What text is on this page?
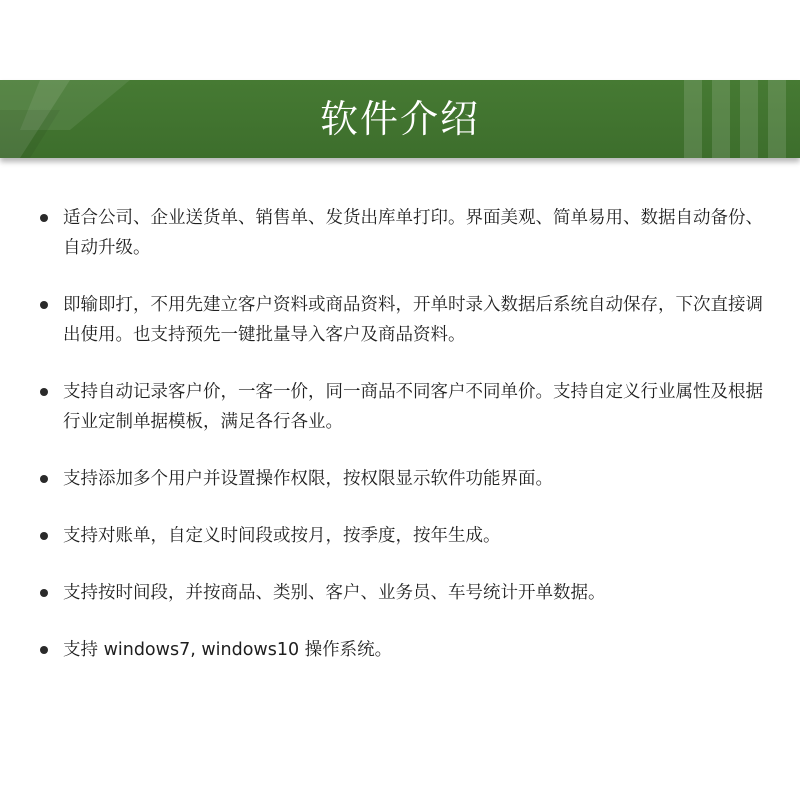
软件介绍
适合公司、企业送货单、销售单、发货出库单打印。界面美观、简单易用、数据自动备份、自动升级。
即输即打，不用先建立客户资料或商品资料，开单时录入数据后系统自动保存，下次直接调出使用。也支持预先一键批量导入客户及商品资料。
支持自动记录客户价，一客一价，同一商品不同客户不同单价。支持自定义行业属性及根据行业定制单据模板，满足各行各业。
支持添加多个用户并设置操作权限，按权限显示软件功能界面。
支持对账单，自定义时间段或按月，按季度，按年生成。
支持按时间段，并按商品、类别、客户、业务员、车号统计开单数据。
支持 windows7, windows10 操作系统。
